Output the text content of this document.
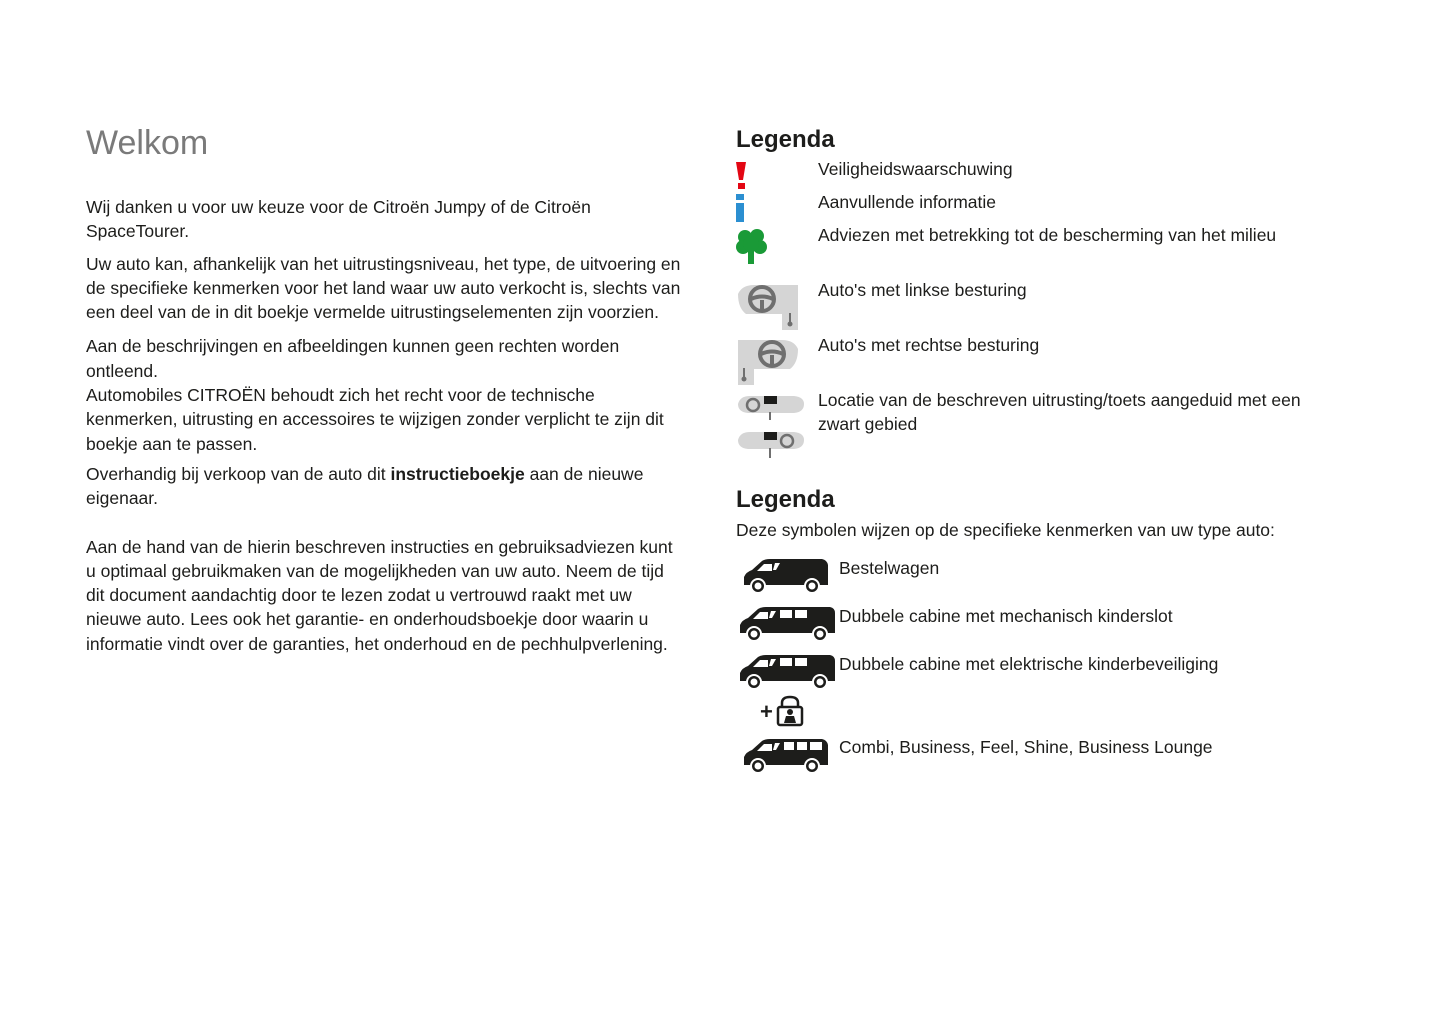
Welkom

Wij danken u voor uw keuze voor de Citroën Jumpy of de Citroën SpaceTourer.

Uw auto kan, afhankelijk van het uitrustingsniveau, het type, de uitvoering en de specifieke kenmerken voor het land waar uw auto verkocht is, slechts van een deel van de in dit boekje vermelde uitrustingselementen zijn voorzien.

Aan de beschrijvingen en afbeeldingen kunnen geen rechten worden ontleend.

Automobiles CITROËN behoudt zich het recht voor de technische kenmerken, uitrusting en accessoires te wijzigen zonder verplicht te zijn dit boekje aan te passen.

Overhandig bij verkoop van de auto dit instructieboekje aan de nieuwe eigenaar.

Aan de hand van de hierin beschreven instructies en gebruiksadviezen kunt u optimaal gebruikmaken van de mogelijkheden van uw auto. Neem de tijd dit document aandachtig door te lezen zodat u vertrouwd raakt met uw nieuwe auto. Lees ook het garantie- en onderhoudsboekje door waarin u informatie vindt over de garanties, het onderhoud en de pechhulpverlening.

Legenda
Veiligheidswaarschuwing
Aanvullende informatie
Adviezen met betrekking tot de bescherming van het milieu
Auto's met linkse besturing
Auto's met rechtse besturing
Locatie van de beschreven uitrusting/toets aangeduid met een zwart gebied
Legenda
Deze symbolen wijzen op de specifieke kenmerken van uw type auto:
Bestelwagen
Dubbele cabine met mechanisch kinderslot
+
Dubbele cabine met elektrische kinderbeveiliging
Combi, Business, Feel, Shine, Business Lounge
